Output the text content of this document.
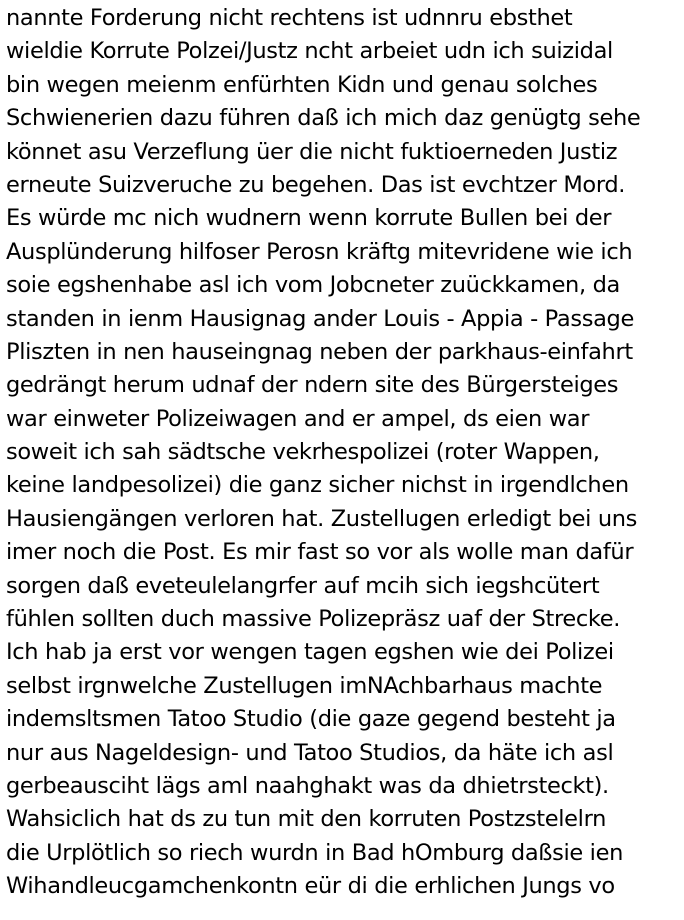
nannte Forderung nicht rechtens ist udnnru ebsthet
wieldie Korrute Polzei/Justz ncht arbeiet udn ich suizidal
bin wegen meienm enfürhten Kidn und genau solches
Schwienerien dazu führen daß ich mich daz genügtg sehe
könnet asu Verzeflung üer die nicht fuktioerneden Justiz
erneute Suizveruche zu begehen. Das ist evchtzer Mord.
Es würde mc nich wudnern wenn korrute Bullen bei der
Ausplünderung hilfoser Perosn kräftg mitevridene wie ich
soie egshenhabe asl ich vom Jobcneter zuückkamen, da
standen in ienm Hausignag ander Louis - Appia - Passage
Pliszten in nen hauseingnag neben der parkhaus-einfahrt
gedrängt herum udnaf der ndern site des Bürgersteiges
war einweter Polizeiwagen and er ampel, ds eien war
soweit ich sah sädtsche vekrhespolizei (roter Wappen,
keine landpesolizei) die ganz sicher nichst in irgendlchen
Hausiengängen verloren hat. Zustellugen erledigt bei uns
imer noch die Post. Es mir fast so vor als wolle man dafür
sorgen daß eveteulelangrfer auf mcih sich iegshcütert
fühlen sollten duch massive Polizepräsz uaf der Strecke.
Ich hab ja erst vor wengen tagen egshen wie dei Polizei
selbst irgnwelche Zustellugen imNAchbarhaus machte
indemsltsmen Tatoo Studio (die gaze gegend besteht ja
nur aus Nageldesign- und Tatoo Studios, da häte ich asl
gerbeausciht lägs aml naahghakt was da dhietrsteckt).
Wahsiclich hat ds zu tun mit den korruten Postzstelelrn
die Urplötlich so riech wurdn in Bad hOmburg daßsie ien
Wihandleucgamchenkontn eür di die erhlichen Jungs vo
